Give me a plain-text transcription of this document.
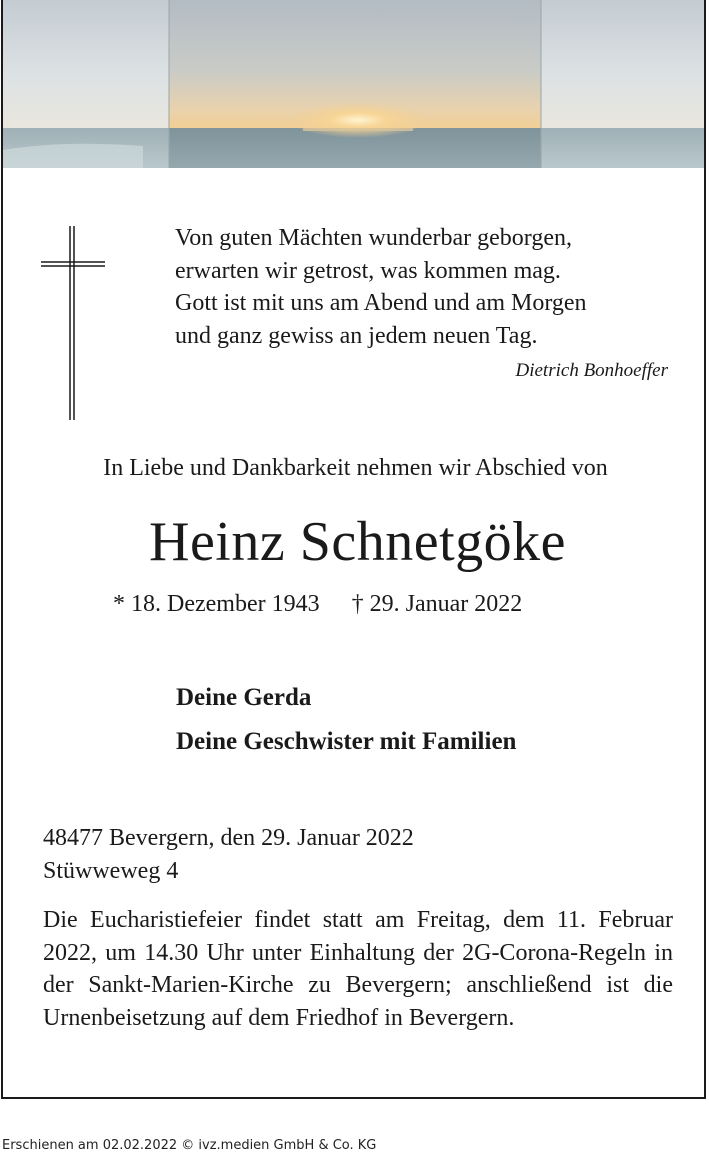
Von guten Mächten wunderbar geborgen,
erwarten wir getrost, was kommen mag.
Gott ist mit uns am Abend und am Morgen
und ganz gewiss an jedem neuen Tag.
Dietrich Bonhoeffer
In Liebe und Dankbarkeit nehmen wir Abschied von
Heinz Schnetgöke
* 18. Dezember 1943 † 29. Januar 2022
Deine Gerda
Deine Geschwister mit Familien
48477 Bevergern, den 29. Januar 2022
Stüwweweg 4
Die Eucharistiefeier findet statt am Freitag, dem 11. Februar 2022, um 14.30 Uhr unter Einhaltung der 2G-Corona-Regeln in der Sankt-Marien-Kirche zu Bevergern; anschließend ist die Urnenbeisetzung auf dem Friedhof in Bevergern.
Erschienen am 02.02.2022 © ivz.medien GmbH & Co. KG
